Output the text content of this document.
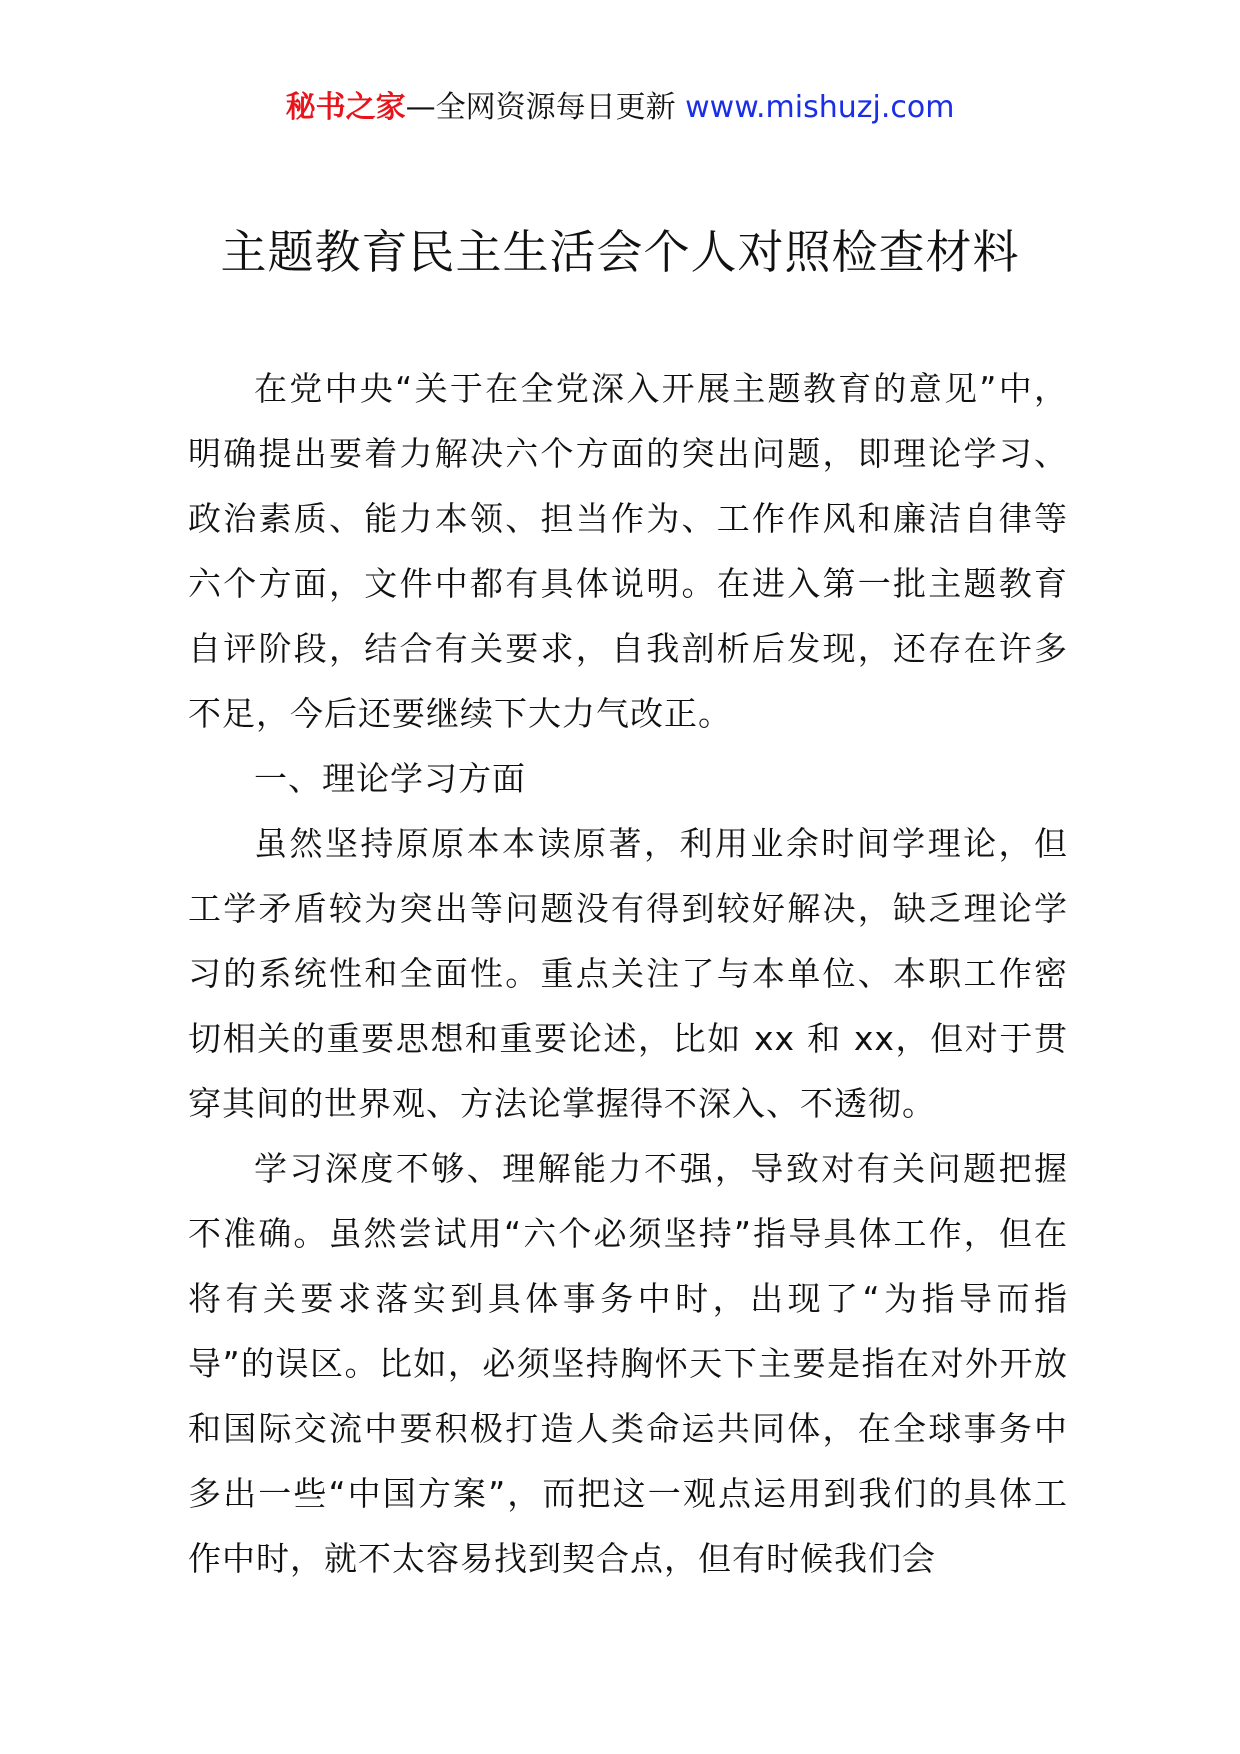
秘书之家—全网资源每日更新 www.mishuzj.com
主题教育民主生活会个人对照检查材料

在党中央“关于在全党深入开展主题教育的意见”中，明确提出要着力解决六个方面的突出问题，即理论学习、政治素质、能力本领、担当作为、工作作风和廉洁自律等六个方面，文件中都有具体说明。在进入第一批主题教育自评阶段，结合有关要求，自我剖析后发现，还存在许多不足，今后还要继续下大力气改正。

一、理论学习方面

虽然坚持原原本本读原著，利用业余时间学理论，但工学矛盾较为突出等问题没有得到较好解决，缺乏理论学习的系统性和全面性。重点关注了与本单位、本职工作密切相关的重要思想和重要论述，比如 xx 和 xx，但对于贯穿其间的世界观、方法论掌握得不深入、不透彻。

学习深度不够、理解能力不强，导致对有关问题把握不准确。虽然尝试用“六个必须坚持”指导具体工作，但在将有关要求落实到具体事务中时，出现了“为指导而指导”的误区。比如，必须坚持胸怀天下主要是指在对外开放和国际交流中要积极打造人类命运共同体，在全球事务中多出一些“中国方案”，而把这一观点运用到我们的具体工作中时，就不太容易找到契合点，但有时候我们会
